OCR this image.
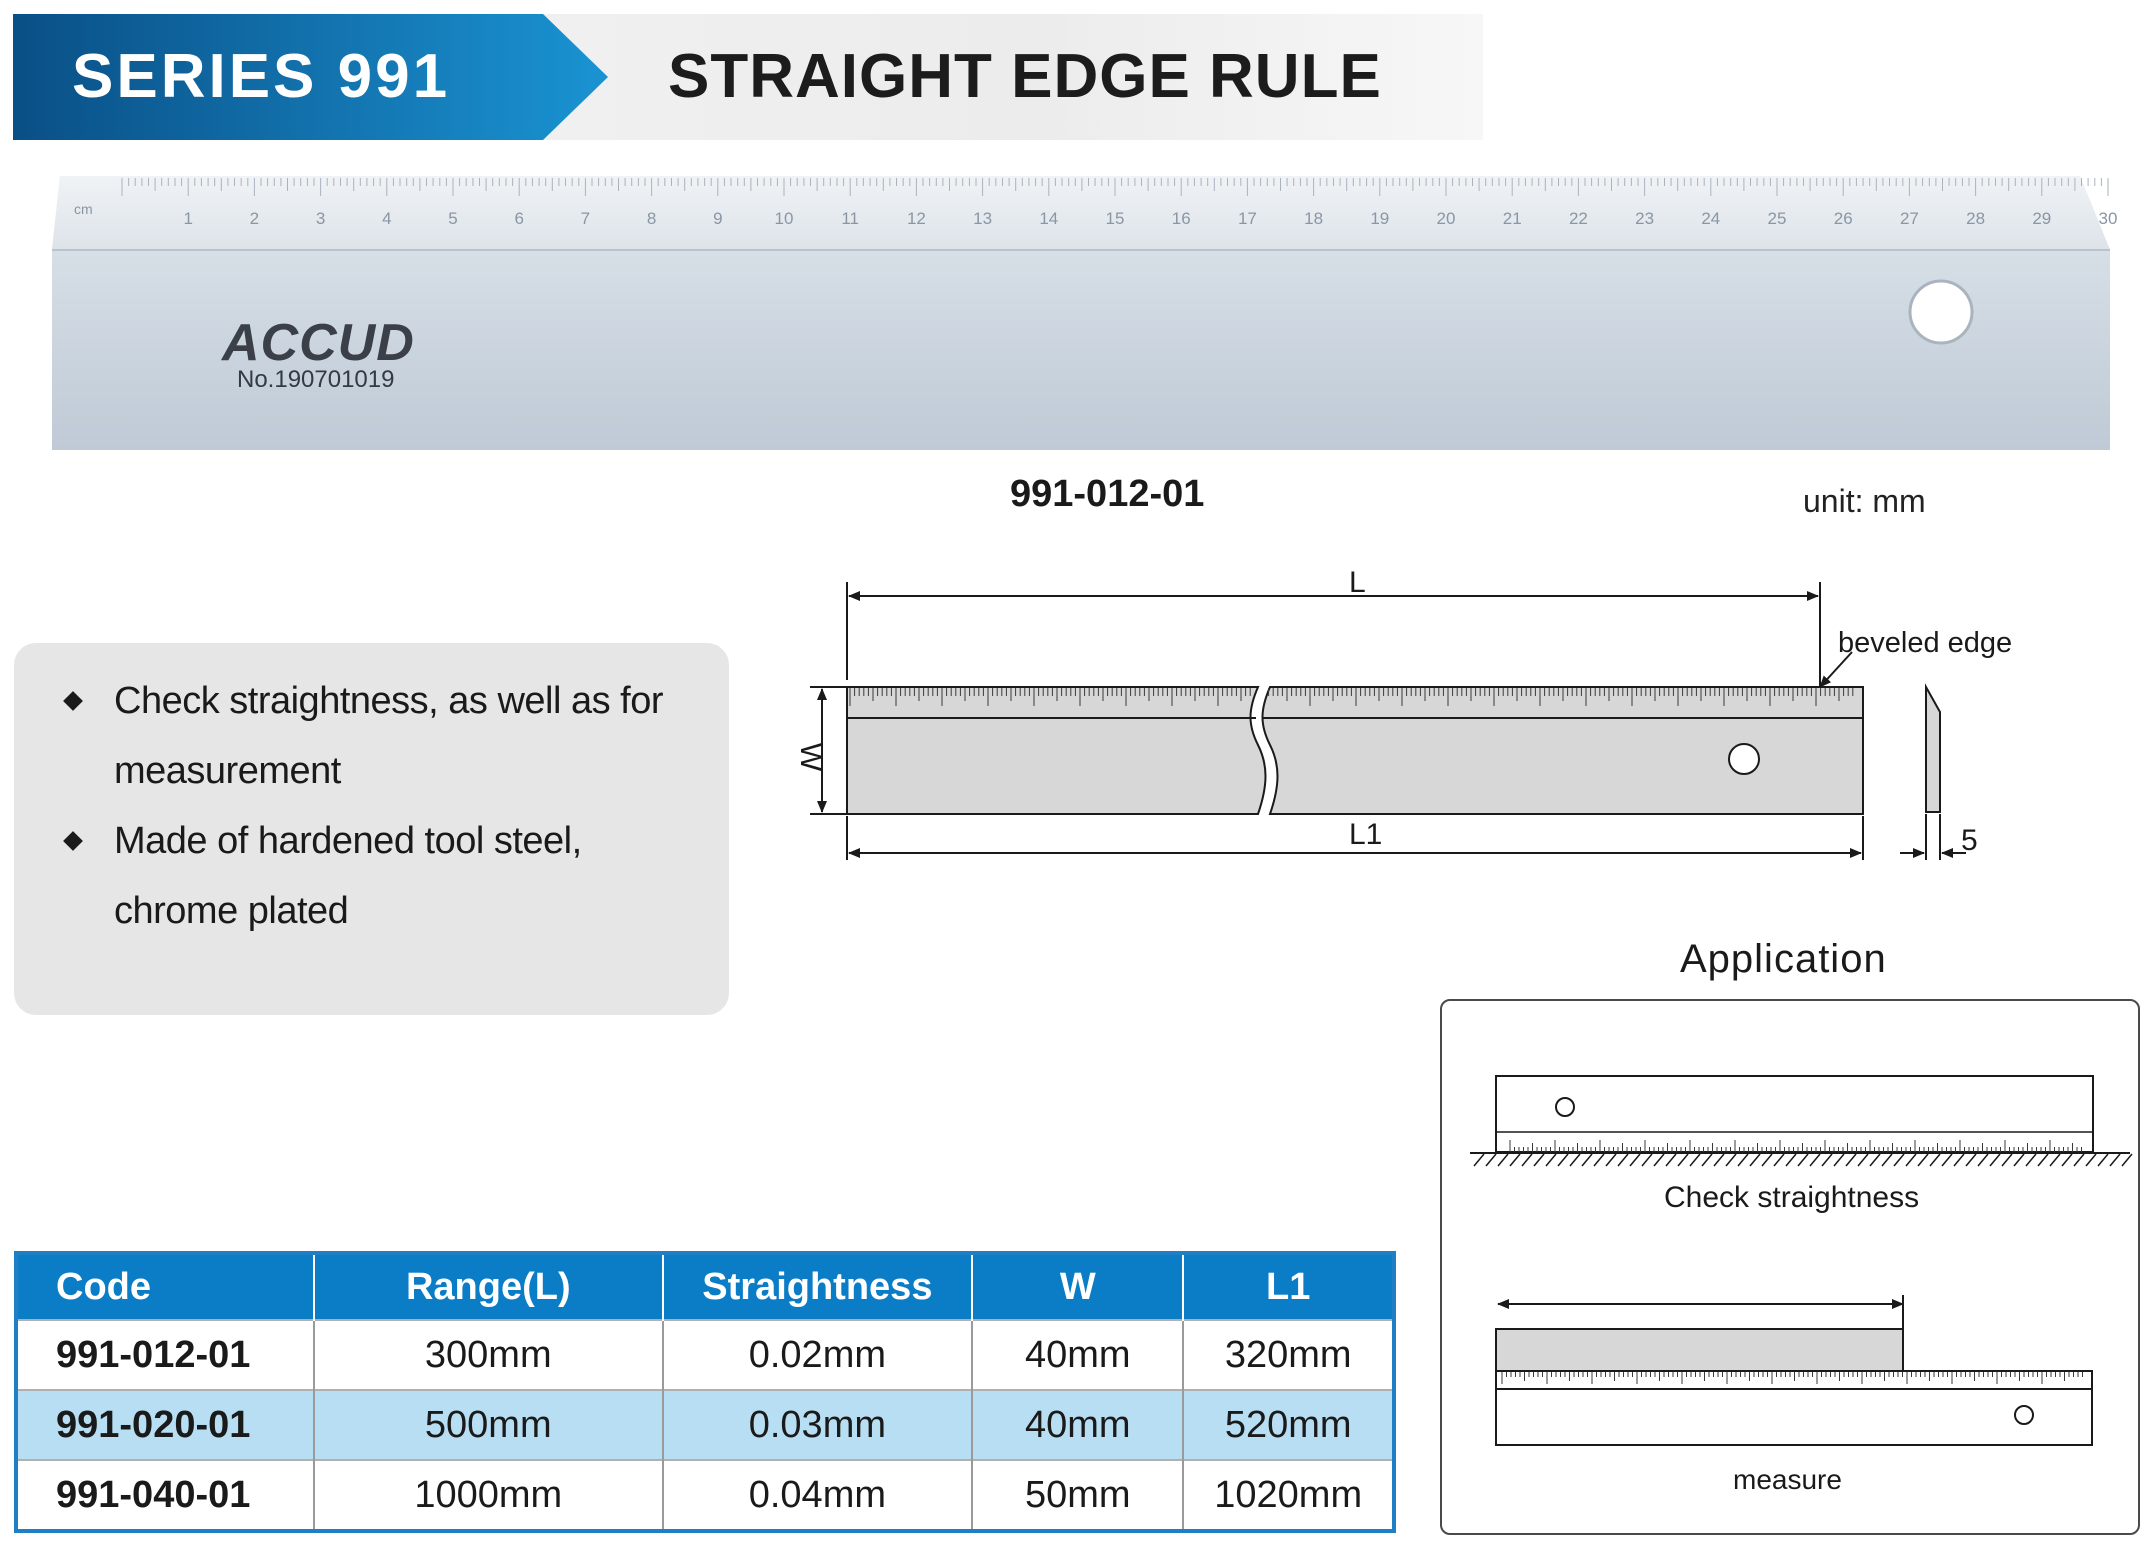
SERIES 991	STRAIGHT EDGE RULE
cm	1	2	3	4	5	6	7	8	9	10	11	12	13	14	15	16	17	18	19	20	21	22	23	24	25	26	27	28	29	30
ACCUD
No.190701019
991-012-01	unit: mm
Check straightness, as well as for
measurement
Made of hardened tool steel,
chrome plated
L
L1
W
beveled edge
5
Application
Check straightness
measure
Code	Range(L)	Straightness	W	L1
991-012-01	300mm	0.02mm	40mm	320mm
991-020-01	500mm	0.03mm	40mm	520mm
991-040-01	1000mm	0.04mm	50mm	1020mm
